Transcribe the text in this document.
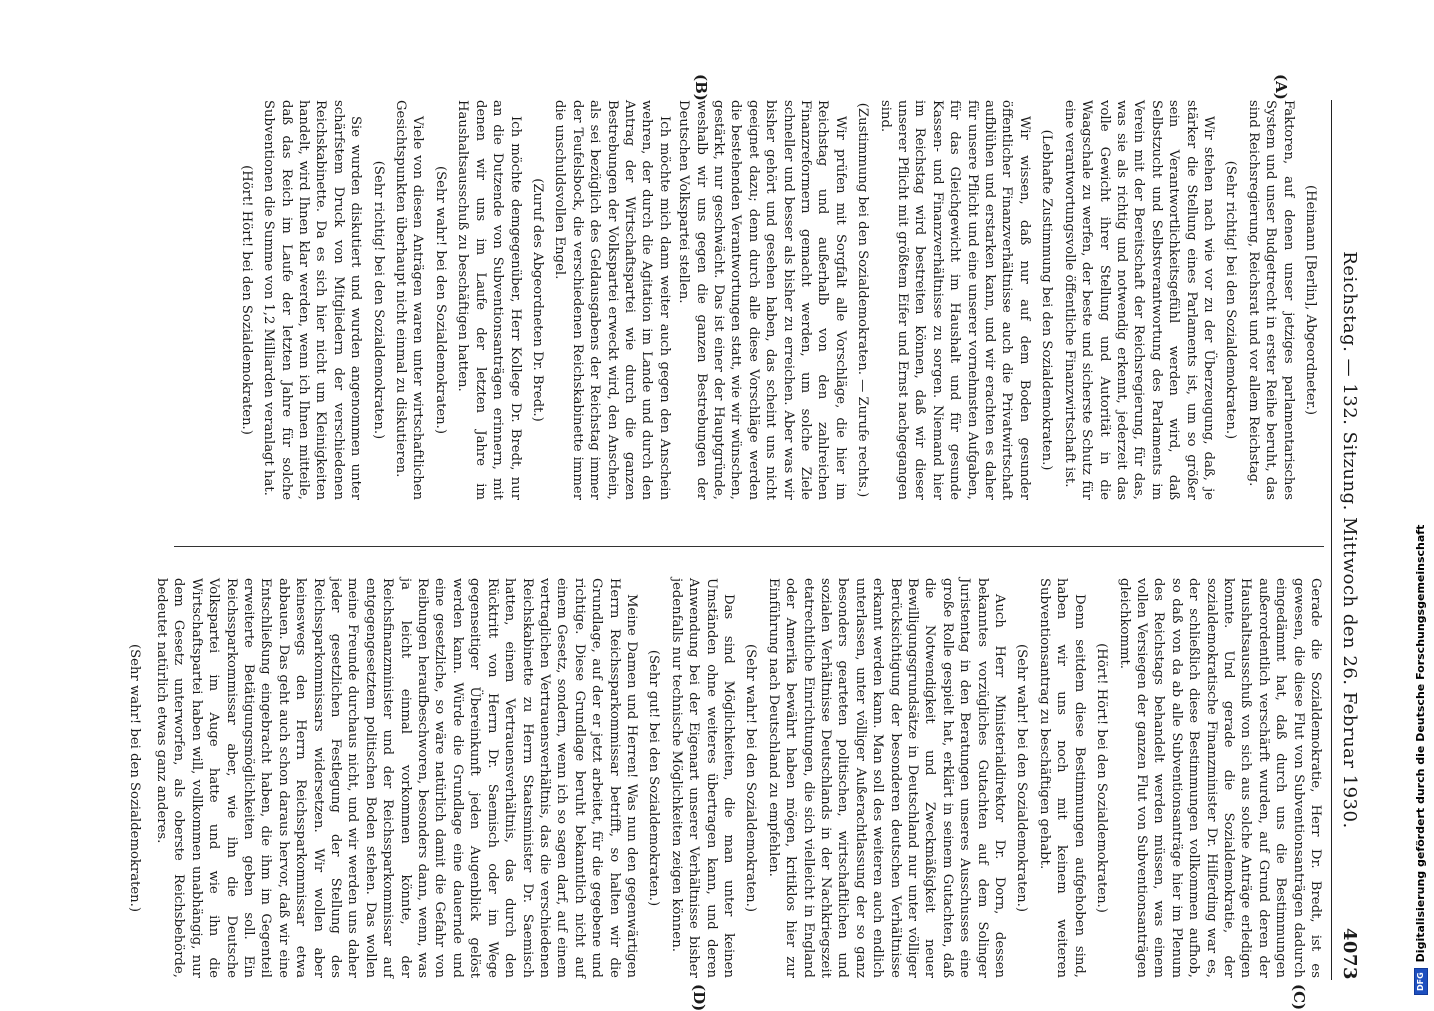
Reichstag. — 132. Sitzung. Mittwoch den 26. Februar 1930.
4073
(A)
(B)
(C)
(D)

(Heimann [Berlin], Abgeordneter.)

Faktoren, auf denen unser jetziges parlamentarisches System und unser Budgetrecht in erster Reihe beruht, das sind Reichsregierung, Reichsrat und vor allem Reichstag.

(Sehr richtig! bei den Sozialdemokraten.)

Wir stehen nach wie vor zu der Überzeugung, daß, je stärker die Stellung eines Parlaments ist, um so größer sein Verantwortlichkeitsgefühl werden wird, daß Selbstzucht und Selbstverantwortung des Parlaments im Verein mit der Bereitschaft der Reichsregierung, für das, was sie als richtig und notwendig erkennt, jederzeit das volle Gewicht ihrer Stellung und Autorität in die Waagschale zu werfen, der beste und sicherste Schutz für eine verantwortungsvolle öffentliche Finanzwirtschaft ist.

(Lebhafte Zustimmung bei den Sozialdemokraten.)

Wir wissen, daß nur auf dem Boden gesunder öffentlicher Finanzverhältnisse auch die Privatwirtschaft aufblühen und erstarken kann, und wir erachten es daher für unsere Pflicht und eine unserer vornehmsten Aufgaben, für das Gleichgewicht im Haushalt und für gesunde Kassen- und Finanzverhältnisse zu sorgen. Niemand hier im Reichstag wird bestreiten können, daß wir dieser unserer Pflicht mit größtem Eifer und Ernst nachgegangen sind.

(Zustimmung bei den Sozialdemokraten. — Zurufe rechts.)

Wir prüfen mit Sorgfalt alle Vorschläge, die hier im Reichstag und außerhalb von den zahlreichen Finanzreformern gemacht werden, um solche Ziele schneller und besser als bisher zu erreichen. Aber was wir bisher gehört und gesehen haben, das scheint uns nicht geeignet dazu; denn durch alle diese Vorschläge werden die bestehenden Verantwortungen statt, wie wir wünschen, gestärkt, nur geschwächt. Das ist einer der Hauptgründe, weshalb wir uns gegen die ganzen Bestrebungen der Deutschen Volkspartei stellen.

Ich möchte mich dann weiter auch gegen den Anschein wehren, der durch die Agitation im Lande und durch den Antrag der Wirtschaftspartei wie durch die ganzen Bestrebungen der Volkspartei erweckt wird, den Anschein, als sei bezüglich des Geldausgabens der Reichstag immer der Teufelsbock, die verschiedenen Reichskabinette immer die unschuldsvollen Engel.

(Zuruf des Abgeordneten Dr. Bredt.)

Ich möchte demgegenüber, Herr Kollege Dr. Bredt, nur an die Dutzende von Subventionsanträgen erinnern, mit denen wir uns im Laufe der letzten Jahre im Haushaltsausschuß zu beschäftigen hatten.

(Sehr wahr! bei den Sozialdemokraten.)

Viele von diesen Anträgen waren unter wirtschaftlichen Gesichtspunkten überhaupt nicht einmal zu diskutieren.

(Sehr richtig! bei den Sozialdemokraten.)

Sie wurden diskutiert und wurden angenommen unter schärfstem Druck von Mitgliedern der verschiedenen Reichskabinette. Da es sich hier nicht um Kleinigkeiten handelt, wird Ihnen klar werden, wenn ich Ihnen mitteile, daß das Reich im Laufe der letzten Jahre für solche Subventionen die Summe von 1,2 Milliarden veranlagt hat.

(Hört! Hört! bei den Sozialdemokraten.)

Gerade die Sozialdemokratie, Herr Dr. Bredt, ist es gewesen, die diese Flut von Subventionsanträgen dadurch eingedämmt hat, daß durch uns die Bestimmungen außerordentlich verschärft wurden, auf Grund deren der Haushaltsausschuß von sich aus solche Anträge erledigen konnte. Und gerade die Sozialdemokratie, der sozialdemokratische Finanzminister Dr. Hilferding war es, der schließlich diese Bestimmungen vollkommen aufhob, so daß von da ab alle Subventionsanträge hier im Plenum des Reichstags behandelt werden müssen, was einem vollen Versiegen der ganzen Flut von Subventionsanträgen gleichkommt.

(Hört! Hört! bei den Sozialdemokraten.)

Denn seitdem diese Bestimmungen aufgehoben sind, haben wir uns noch mit keinem weiteren Subventionsantrag zu beschäftigen gehabt.

(Sehr wahr! bei den Sozialdemokraten.)

Auch Herr Ministerialdirektor Dr. Dorn, dessen bekanntes vorzügliches Gutachten auf dem Solinger Juristentag in den Beratungen unseres Ausschusses eine große Rolle gespielt hat, erklärt in seinem Gutachten, daß die Notwendigkeit und Zweckmäßigkeit neuer Bewilligungsgrundsätze in Deutschland nur unter völliger Berücksichtigung der besonderen deutschen Verhältnisse erkannt werden kann. Man soll des weiteren auch endlich unterlassen, unter völliger Außerachtlassung der so ganz besonders gearteten politischen, wirtschaftlichen und sozialen Verhältnisse Deutschlands in der Nachkriegszeit etatrechtliche Einrichtungen, die sich vielleicht in England oder Amerika bewährt haben mögen, kritiklos hier zur Einführung nach Deutschland zu empfehlen.

(Sehr wahr! bei den Sozialdemokraten.)

Das sind Möglichkeiten, die man unter keinen Umständen ohne weiteres übertragen kann, und deren Anwendung bei der Eigenart unserer Verhältnisse bisher jedenfalls nur technische Möglichkeiten zeigen können.

(Sehr gut! bei den Sozialdemokraten.)

Meine Damen und Herren! Was nun den gegenwärtigen Herrn Reichssparkommissar betrifft, so halten wir die Grundlage, auf der er jetzt arbeitet, für die gegebene und richtige. Diese Grundlage beruht bekanntlich nicht auf einem Gesetz, sondern, wenn ich so sagen darf, auf einem vertraglichen Vertrauensverhältnis, das die verschiedenen Reichskabinette zu Herrn Staatsminister Dr. Saemisch hatten, einem Vertrauensverhältnis, das durch den Rücktritt von Herrn Dr. Saemisch oder im Wege gegenseitiger Übereinkunft jeden Augenblick gelöst werden kann. Würde die Grundlage eine dauernde und eine gesetzliche, so wäre natürlich damit die Gefahr von Reibungen heraufbeschworen, besonders dann, wenn, was ja leicht einmal vorkommen könnte, der Reichsfinanzminister und der Reichssparkommissar auf entgegengesetztem politischen Boden stehen. Das wollen meine Freunde durchaus nicht, und wir werden uns daher jeder gesetzlichen Festlegung der Stellung des Reichssparkommissars widersetzen. Wir wollen aber keineswegs den Herrn Reichssparkommissar etwa abbauen. Das geht auch schon daraus hervor, daß wir eine Entschließung eingebracht haben, die ihm im Gegenteil erweiterte Betätigungsmöglichkeiten geben soll. Ein Reichssparkommissar aber, wie ihn die Deutsche Volkspartei im Auge hatte und wie ihn die Wirtschaftspartei haben will, vollkommen unabhängig, nur dem Gesetz unterworfen, als oberste Reichsbehörde, bedeutet natürlich etwas ganz anderes.

(Sehr wahr! bei den Sozialdemokraten.)

DFGDigitalisierung gefördert durch die Deutsche Forschungsgemeinschaft
